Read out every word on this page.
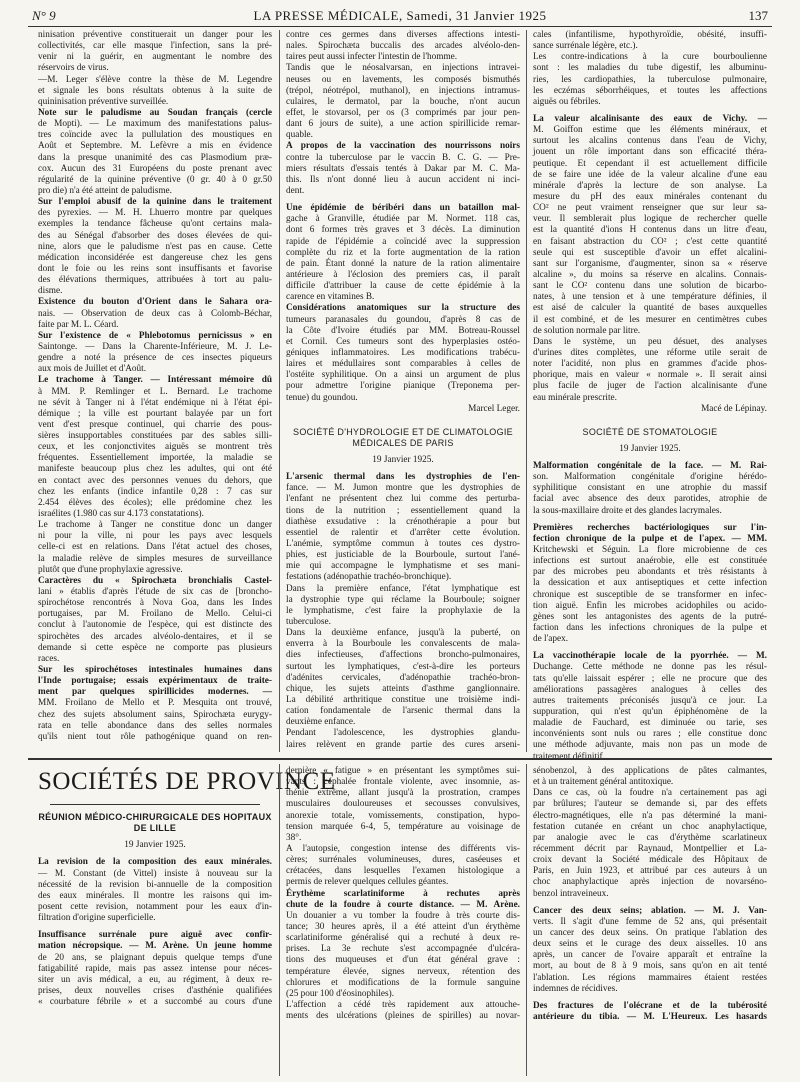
N° 9	LA PRESSE MÉDICALE, Samedi, 31 Janvier 1925	137
ninisation préventive constituerait un danger pour les
collectivités, car elle masque l'infection, sans la pré-
venir ni la guérir, en augmentant le nombre des
réservoirs de virus.
—M. Leger s'élève contre la thèse de M. Legendre
et signale les bons résultats obtenus à la suite de
quininisation préventive surveillée.
Note sur le paludisme au Soudan français (cercle
de Mopti). — Le maximum des manifestations palus-
tres coïncide avec la pullulation des moustiques en
Août et Septembre. M. Lefèvre a mis en évidence
dans la presque unanimité des cas Plasmodium præ-
cox. Aucun des 31 Européens du poste prenant avec
régularité de la quinine préventive (0 gr. 40 à 0 gr.50
pro die) n'a été atteint de paludisme.
Sur l'emploi abusif de la quinine dans le traitement
des pyrexies. — M. H. Lhuerro montre par quelques
exemples la tendance fâcheuse qu'ont certains mala-
des au Sénégal d'absorber des doses élevées de qui-
nine, alors que le paludisme n'est pas en cause. Cette
médication inconsidérée est dangereuse chez les gens
dont le foie ou les reins sont insuffisants et favorise
des élévations thermiques, attribuées à tort au palu-
disme.
Existence du bouton d'Orient dans le Sahara ora-
nais. — Observation de deux cas à Colomb-Béchar,
faite par M. L. Céard.
Sur l'existence de « Phlebotomus pernicissus » en
Saintonge. — Dans la Charente-Inférieure, M. J. Le-
gendre a noté la présence de ces insectes piqueurs
aux mois de Juillet et d'Août.
Le trachome à Tanger. — Intéressant mémoire dû
à MM. P. Remlinger et L. Bernard. Le trachome
ne sévit à Tanger ni à l'état endémique ni à l'état épi-
démique ; la ville est pourtant balayée par un fort
vent d'est presque continuel, qui charrie des pous-
sières insupportables constituées par des sables silli-
ceux, et les conjonctivites aiguës se montrent très
fréquentes. Essentiellement importée, la maladie se
manifeste beaucoup plus chez les adultes, qui ont été
en contact avec des personnes venues du dehors, que
chez les enfants (indice infantile 0,28 : 7 cas sur
2.454 élèves des écoles); elle prédomine chez les
israélites (1.980 cas sur 4.173 constatations).
Le trachome à Tanger ne constitue donc un danger
ni pour la ville, ni pour les pays avec lesquels
celle-ci est en relations. Dans l'état actuel des choses,
la maladie relève de simples mesures de surveillance
plutôt que d'une prophylaxie agressive.
Caractères du « Spirochæta bronchialis Castel-
lani » établis d'après l'étude de six cas de [broncho-
spirochétose rencontrés à Nova Goa, dans les Indes
portugaises, par M. Froilano de Mello. Celui-ci
conclut à l'autonomie de l'espèce, qui est distincte des
spirochètes des arcades alvéolo-dentaires, et il se
demande si cette espèce ne comporte pas plusieurs
races.
Sur les spirochétoses intestinales humaines dans
l'Inde portugaise; essais expérimentaux de traite-
ment par quelques spirillicides modernes. —
MM. Froilano de Mello et P. Mesquita ont trouvé,
chez des sujets absolument sains, Spirochæta eurygy-
rata en telle abondance dans des selles normales
qu'ils nient tout rôle pathogénique quand on ren-
contre ces germes dans diverses affections intesti-
nales. Spirochæta buccalis des arcades alvéolo-den-
taires peut aussi infecter l'intestin de l'homme.
Tandis que le néosalvarsan, en injections intravei-
neuses ou en lavements, les composés bismuthés
(trépol, néotrépol, muthanol), en injections intramus-
culaires, le dermatol, par la bouche, n'ont aucun
effet, le stovarsol, per os (3 comprimés par jour pen-
dant 6 jours de suite), a une action spirillicide remar-
quable.
A propos de la vaccination des nourrissons noirs
contre la tuberculose par le vaccin B. C. G. — Pre-
miers résultats d'essais tentés à Dakar par M. C. Ma-
this. Ils n'ont donné lieu à aucun accident ni inci-
dent.
Une épidémie de béribéri dans un bataillon mal-
gache à Granville, étudiée par M. Normet. 118 cas,
dont 6 formes très graves et 3 décès. La diminution
rapide de l'épidémie a coïncidé avec la suppression
complète du riz et la forte augmentation de la ration
de pain. Étant donné la nature de la ration alimentaire
antérieure à l'éclosion des premiers cas, il paraît
difficile d'attribuer la cause de cette épidémie à la
carence en vitamines B.
Considérations anatomiques sur la structure des
tumeurs paranasales du goundou, d'après 8 cas de
la Côte d'Ivoire étudiés par MM. Botreau-Roussel
et Cornil. Ces tumeurs sont des hyperplasies ostéo-
géniques inflammatoires. Les modifications trabécu-
laires et médullaires sont comparables à celles de
l'ostéite syphilitique. On a ainsi un argument de plus
pour admettre l'origine pianique (Treponema per-
tenue) du goundou.
Marcel Leger.
SOCIÉTÉ D'HYDROLOGIE ET DE CLIMATOLOGIE
MÉDICALES DE PARIS
19 Janvier 1925.
L'arsenic thermal dans les dystrophies de l'en-
fance. — M. Jumon montre que les dystrophies de
l'enfant ne présentent chez lui comme des perturba-
tions de la nutrition ; essentiellement quand la
diathèse exsudative : la crénothérapie a pour but
essentiel de ralentir et d'arrêter cette évolution.
L'anémie, symptôme commun à toutes ces dystro-
phies, est justiciable de la Bourboule, surtout l'ané-
mie qui accompagne le lymphatisme et ses mani-
festations (adénopathie trachéo-bronchique).
Dans la première enfance, l'état lymphatique est
la dystrophie type qui réclame la Bourboule; soigner
le lymphatisme, c'est faire la prophylaxie de la
tuberculose.
Dans la deuxième enfance, jusqu'à la puberté, on
enverra à la Bourboule les convalescents de mala-
dies infectieuses, d'affections broncho-pulmonaires,
surtout les lymphatiques, c'est-à-dire les porteurs
d'adénites cervicales, d'adénopathie trachéo-bron-
chique, les sujets atteints d'asthme ganglionnaire.
La débilité arthritique constitue une troisième indi-
cation fondamentale de l'arsenic thermal dans la
deuxième enfance.
Pendant l'adolescence, les dystrophies glandu-
laires relèvent en grande partie des cures arseni-
cales (infantilisme, hypothyroïdie, obésité, insuffi-
sance surrénale légère, etc.).
Les contre-indications à la cure bourboulienne
sont : les maladies du tube digestif, les albuminu-
ries, les cardiopathies, la tuberculose pulmonaire,
les eczémas séborrhéiques, et toutes les affections
aiguës ou fébriles.
La valeur alcalinisante des eaux de Vichy. —
M. Goiffon estime que les éléments minéraux, et
surtout les alcalins contenus dans l'eau de Vichy,
jouent un rôle important dans son efficacité théra-
peutique. Et cependant il est actuellement difficile
de se faire une idée de la valeur alcaline d'une eau
minérale d'après la lecture de son analyse. La
mesure du pH des eaux minérales contenant du
CO² ne peut vraiment renseigner que sur leur sa-
veur. Il semblerait plus logique de rechercher quelle
est la quantité d'ions H contenus dans un litre d'eau,
en faisant abstraction du CO² ; c'est cette quantité
seule qui est susceptible d'avoir un effet alcalini-
sant sur l'organisme, d'augmenter, sinon sa « réserve
alcaline », du moins sa réserve en alcalins. Connais-
sant le CO² contenu dans une solution de bicarbo-
nates, à une tension et à une température définies, il
est aisé de calculer la quantité de bases auxquelles
il est combiné, et de les mesurer en centimètres cubes
de solution normale par litre.
Dans le système, un peu désuet, des analyses
d'urines dites complètes, une réforme utile serait de
noter l'acidité, non plus en grammes d'acide phos-
phorique, mais en valeur « normale ». Il serait ainsi
plus facile de juger de l'action alcalinisante d'une
eau minérale prescrite.
Macé de Lépinay.
SOCIÉTÉ DE STOMATOLOGIE
19 Janvier 1925.
Malformation congénitale de la face. — M. Rai-
son. Malformation congénitale d'origine hérédo-
syphilitique consistant en une atrophie du massif
facial avec absence des deux parotides, atrophie de
la sous-maxillaire droite et des glandes lacrymales.
Premières recherches bactériologiques sur l'in-
fection chronique de la pulpe et de l'apex. — MM.
Kritchewski et Séguin. La flore microbienne de ces
infections est surtout anaérobie, elle est constituée
par des microbes peu abondants et très résistants à
la dessication et aux antiseptiques et cette infection
chronique est susceptible de se transformer en infec-
tion aiguë. Enfin les microbes acidophiles ou acido-
gènes sont les antagonistes des agents de la putré-
faction dans les infections chroniques de la pulpe et
de l'apex.
La vaccinothérapie locale de la pyorrhée. — M.
Duchange. Cette méthode ne donne pas les résul-
tats qu'elle laissait espérer ; elle ne procure que des
améliorations passagères analogues à celles des
autres traitements préconisés jusqu'à ce jour. La
suppuration, qui n'est qu'un épiphénomène de la
maladie de Fauchard, est diminuée ou tarie, ses
inconvénients sont nuls ou rares ; elle constitue donc
une méthode adjuvante, mais non pas un mode de
traitement définitif.
SOCIÉTÉS DE PROVINCE
RÉUNION MÉDICO-CHIRURGICALE DES HOPITAUX
DE LILLE
19 Janvier 1925.
La revision de la composition des eaux minérales.
— M. Constant (de Vittel) insiste à nouveau sur la
nécessité de la revision bi-annuelle de la composition
des eaux minérales. Il montre les raisons qui im-
posent cette revision, notamment pour les eaux d'in-
filtration d'origine superficielle.
Insuffisance surrénale pure aiguë avec confir-
mation nécropsique. — M. Arène. Un jeune homme
de 20 ans, se plaignant depuis quelque temps d'une
fatigabilité rapide, mais pas assez intense pour néces-
siter un avis médical, a eu, au régiment, à deux re-
prises, deux nouvelles crises d'asthénie qualifiées
« courbature fébrile » et a succombé au cours d'une
dernière « fatigue » en présentant les symptômes sui-
vants : céphalée frontale violente, avec insomnie, as-
thénie extrême, allant jusqu'à la prostration, crampes
musculaires douloureuses et secousses convulsives,
anorexie totale, vomissements, constipation, hypo-
tension marquée 6-4, 5, température au voisinage de
38°.
A l'autopsie, congestion intense des différents vis-
cères; surrénales volumineuses, dures, caséeuses et
crétacées, dans lesquelles l'examen histologique a
permis de relever quelques cellules géantes.
Érythème scarlatiniforme à rechutes après
chute de la foudre à courte distance. — M. Arène.
Un douanier a vu tomber la foudre à très courte dis-
tance; 30 heures après, il a été atteint d'un érythème
scarlatiniforme généralisé qui a rechuté à deux re-
prises. La 3e rechute s'est accompagnée d'ulcéra-
tions des muqueuses et d'un état général grave :
température élevée, signes nerveux, rétention des
chlorures et modifications de la formule sanguine
(25 pour 100 d'éosinophiles).
L'affection a cédé très rapidement aux attouche-
ments des ulcérations (pleines de spirilles) au novar-
sénobenzol, à des applications de pâtes calmantes,
et à un traitement général antitoxique.
Dans ce cas, où la foudre n'a certainement pas agi
par brûlures; l'auteur se demande si, par des effets
électro-magnétiques, elle n'a pas déterminé la mani-
festation cutanée en créant un choc anaphylactique,
par analogie avec le cas d'érythème scarlatineux
récemment décrit par Raynaud, Montpellier et La-
croix devant la Société médicale des Hôpitaux de
Paris, en Juin 1923, et attribué par ces auteurs à un
choc anaphylactique après injection de novarséno-
benzol intraveineux.
Cancer des deux seins; ablation. — M. J. Van-
verts. Il s'agit d'une femme de 52 ans, qui présentait
un cancer des deux seins. On pratique l'ablation des
deux seins et le curage des deux aisselles. 10 ans
après, un cancer de l'ovaire apparaît et entraîne la
mort, au bout de 8 à 9 mois, sans qu'on en ait tenté
l'ablation. Les régions mammaires étaient restées
indemnes de récidives.
Des fractures de l'olécrane et de la tubérosité
antérieure du tibia. — M. L'Heureux. Les hasards
